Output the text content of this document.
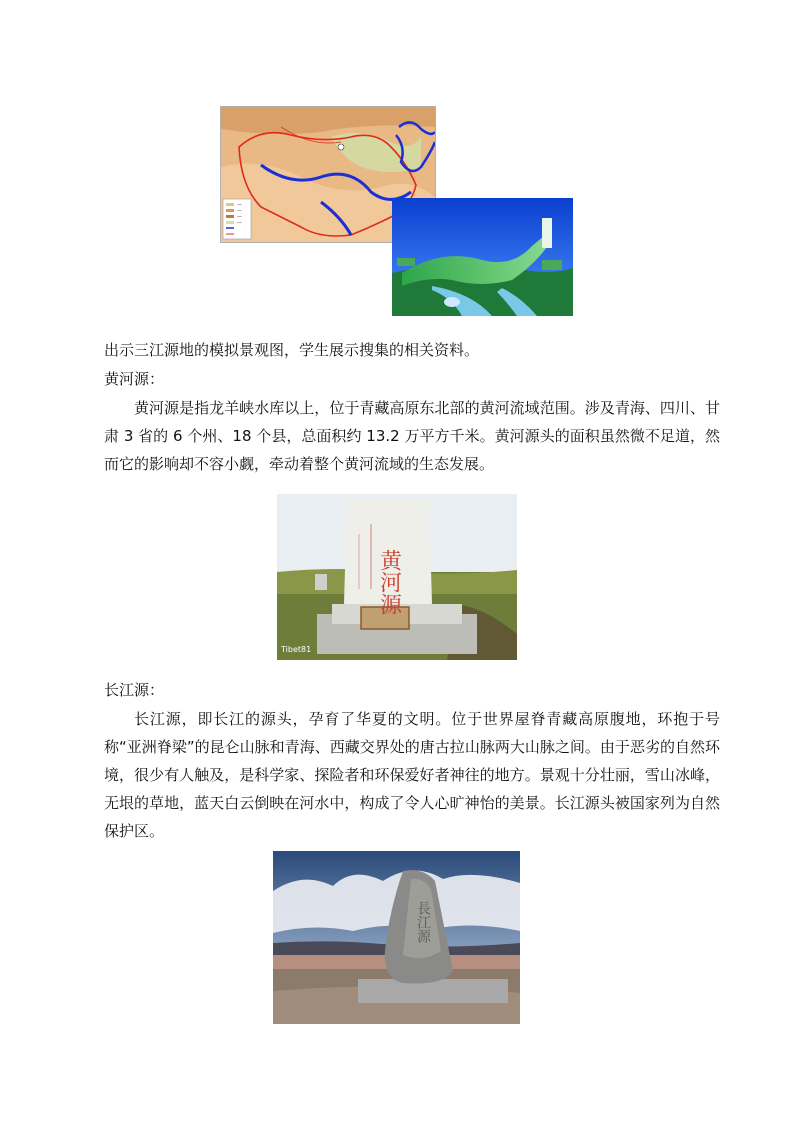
—
—
—
—

出示三江源地的模拟景观图，学生展示搜集的相关资料。

黄河源：

黄河源是指龙羊峡水库以上，位于青藏高原东北部的黄河流域范围。涉及青海、四川、甘肃 3 省的 6 个州、18 个县，总面积约 13.2 万平方千米。黄河源头的面积虽然微不足道，然而它的影响却不容小觑，牵动着整个黄河流域的生态发展。

黄河源
Tibet81

长江源：

长江源，即长江的源头，孕育了华夏的文明。位于世界屋脊青藏高原腹地，环抱于号称“亚洲脊梁”的昆仑山脉和青海、西藏交界处的唐古拉山脉两大山脉之间。由于恶劣的自然环境，很少有人触及，是科学家、探险者和环保爱好者神往的地方。景观十分壮丽，雪山冰峰，无垠的草地，蓝天白云倒映在河水中，构成了令人心旷神怡的美景。长江源头被国家列为自然保护区。

長江源
